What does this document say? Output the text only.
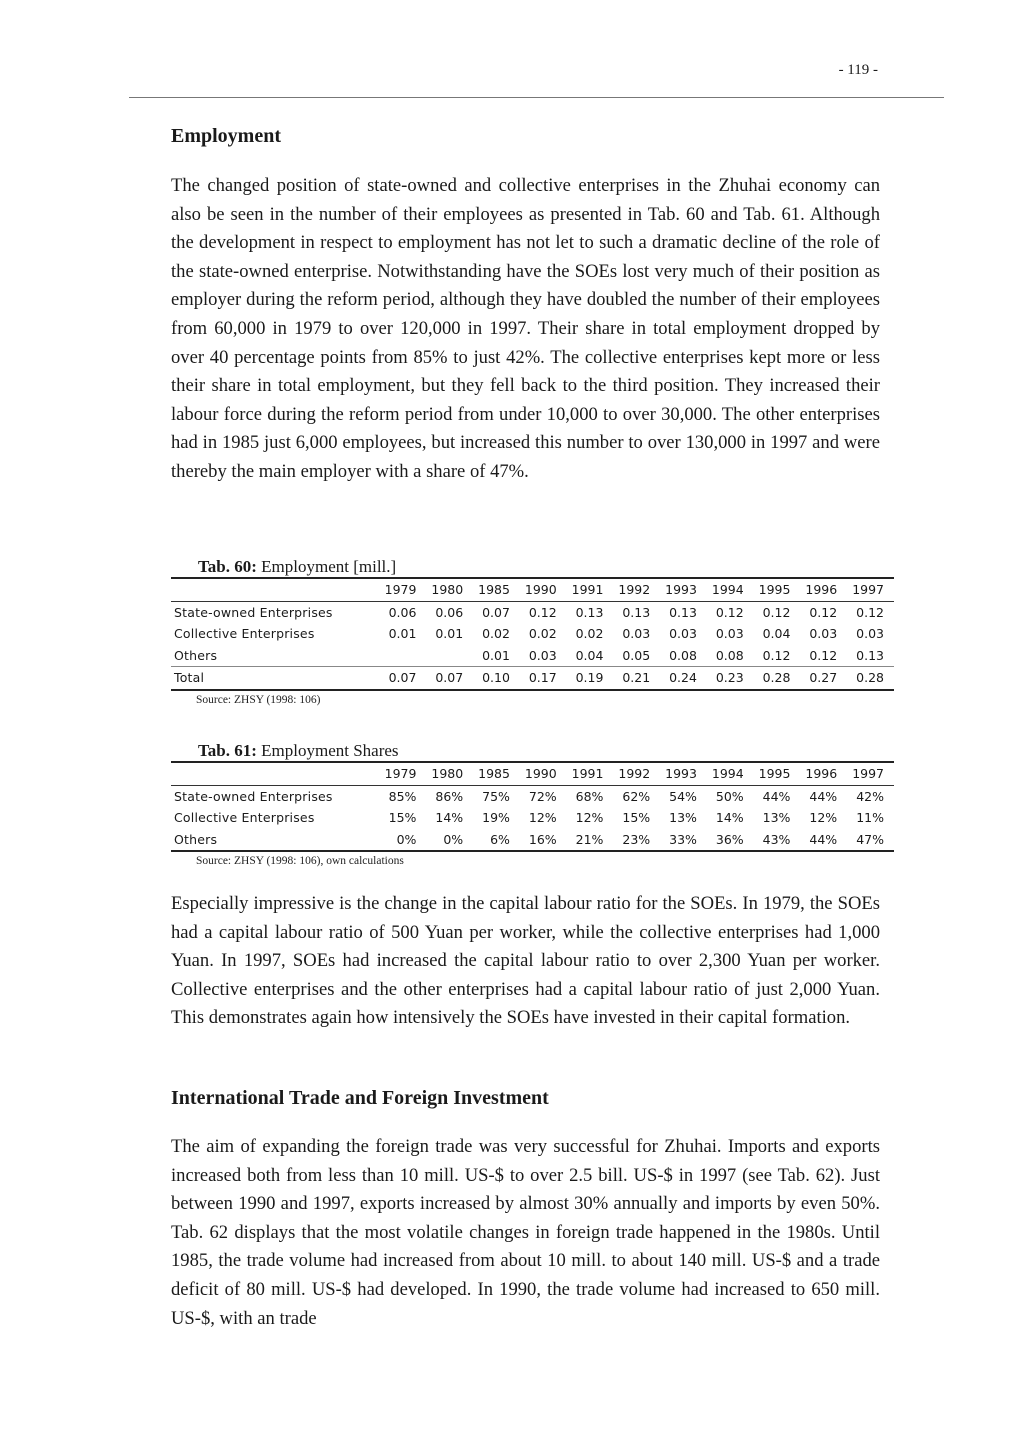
- 119 -
Employment

The changed position of state-owned and collective enterprises in the Zhuhai economy can also be seen in the number of their employees as presented in Tab. 60 and Tab. 61. Although the development in respect to employment has not let to such a dramatic decline of the role of the state-owned enterprise. Notwithstanding have the SOEs lost very much of their position as employer during the reform period, although they have doubled the number of their employees from 60,000 in 1979 to over 120,000 in 1997. Their share in total employment dropped by over 40 percentage points from 85% to just 42%. The collective enterprises kept more or less their share in total employment, but they fell back to the third position. They increased their labour force during the reform period from under 10,000 to over 30,000. The other enterprises had in 1985 just 6,000 employees, but increased this number to over 130,000 in 1997 and were thereby the main employer with a share of 47%.

Tab. 60: Employment [mill.]
	1979	1980	1985	1990	1991	1992	1993	1994	1995	1996	1997
State-owned Enterprises	0.06	0.06	0.07	0.12	0.13	0.13	0.13	0.12	0.12	0.12	0.12
Collective Enterprises	0.01	0.01	0.02	0.02	0.02	0.03	0.03	0.03	0.04	0.03	0.03
Others			0.01	0.03	0.04	0.05	0.08	0.08	0.12	0.12	0.13
Total	0.07	0.07	0.10	0.17	0.19	0.21	0.24	0.23	0.28	0.27	0.28
Source: ZHSY (1998: 106)
Tab. 61: Employment Shares
	1979	1980	1985	1990	1991	1992	1993	1994	1995	1996	1997
State-owned Enterprises	85%	86%	75%	72%	68%	62%	54%	50%	44%	44%	42%
Collective Enterprises	15%	14%	19%	12%	12%	15%	13%	14%	13%	12%	11%
Others	0%	0%	6%	16%	21%	23%	33%	36%	43%	44%	47%
Source: ZHSY (1998: 106), own calculations

Especially impressive is the change in the capital labour ratio for the SOEs. In 1979, the SOEs had a capital labour ratio of 500 Yuan per worker, while the collective enterprises had 1,000 Yuan. In 1997, SOEs had increased the capital labour ratio to over 2,300 Yuan per worker. Collective enterprises and the other enterprises had a capital labour ratio of just 2,000 Yuan. This demonstrates again how intensively the SOEs have invested in their capital formation.

International Trade and Foreign Investment

The aim of expanding the foreign trade was very successful for Zhuhai. Imports and exports increased both from less than 10 mill. US-$ to over 2.5 bill. US-$ in 1997 (see Tab. 62). Just between 1990 and 1997, exports increased by almost 30% annually and imports by even 50%. Tab. 62 displays that the most volatile changes in foreign trade happened in the 1980s. Until 1985, the trade volume had increased from about 10 mill. to about 140 mill. US-$ and a trade deficit of 80 mill. US-$ had developed. In 1990, the trade volume had increased to 650 mill. US-$, with an trade
